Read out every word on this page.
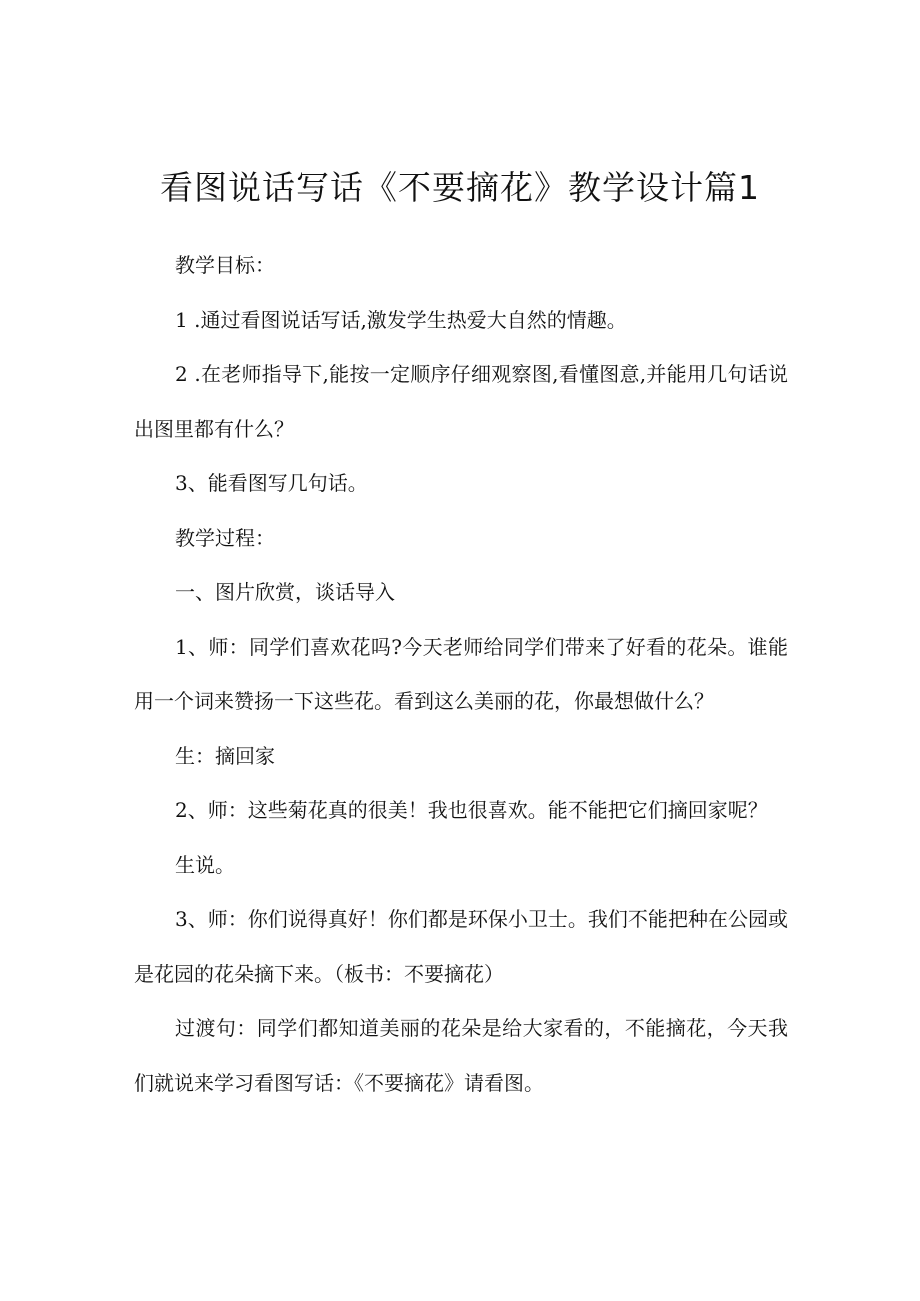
看图说话写话《不要摘花》教学设计篇1

教学目标：

1 .通过看图说话写话,激发学生热爱大自然的情趣。

2 .在老师指导下,能按一定顺序仔细观察图,看懂图意,并能用几句话说出图里都有什么？

3、能看图写几句话。

教学过程：

一、图片欣赏，谈话导入

1、师：同学们喜欢花吗?今天老师给同学们带来了好看的花朵。谁能用一个词来赞扬一下这些花。看到这么美丽的花，你最想做什么？

生：摘回家

2、师：这些菊花真的很美！我也很喜欢。能不能把它们摘回家呢？

生说。

3、师：你们说得真好！你们都是环保小卫士。我们不能把种在公园或是花园的花朵摘下来。（板书：不要摘花）

过渡句：同学们都知道美丽的花朵是给大家看的，不能摘花，今天我们就说来学习看图写话：《不要摘花》请看图。
